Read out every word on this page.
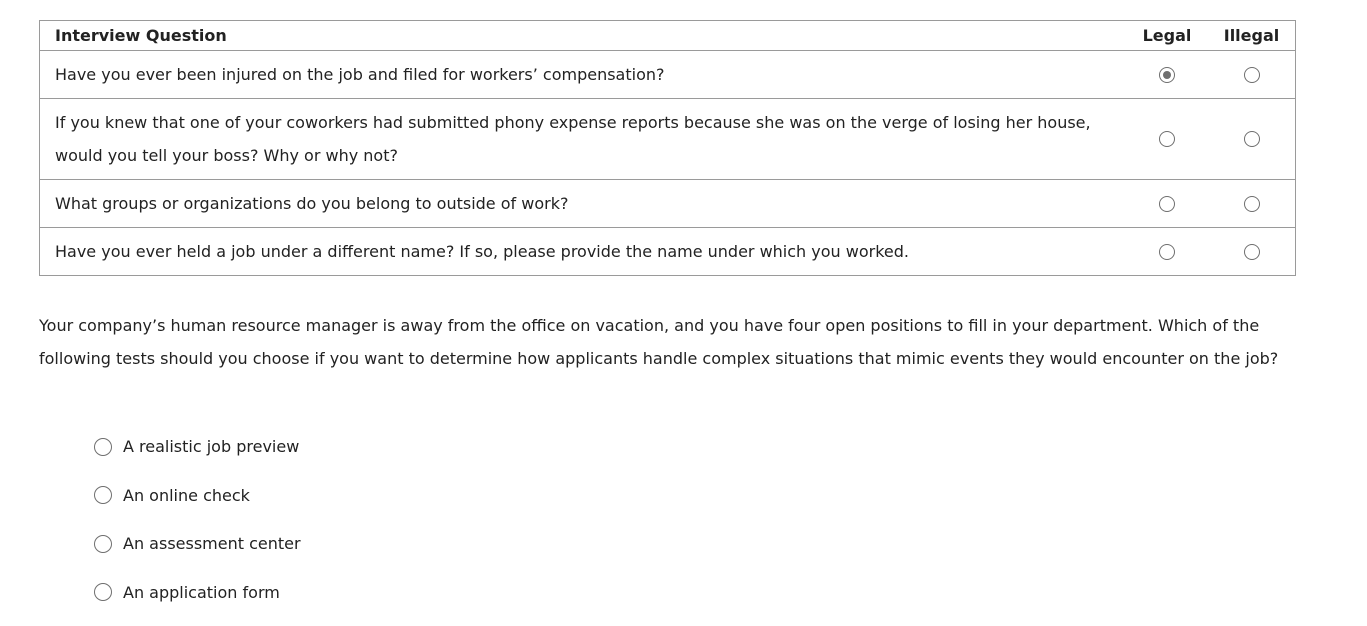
Interview Question	Legal	Illegal
Have you ever been injured on the job and filed for workers’ compensation?
If you knew that one of your coworkers had submitted phony expense reports because she was on the verge of losing her house, would you tell your boss? Why or why not?
What groups or organizations do you belong to outside of work?
Have you ever held a job under a different name? If so, please provide the name under which you worked.

Your company’s human resource manager is away from the office on vacation, and you have four open positions to fill in your department. Which of the following tests should you choose if you want to determine how applicants handle complex situations that mimic events they would encounter on the job?

A realistic job preview
An online check
An assessment center
An application form
